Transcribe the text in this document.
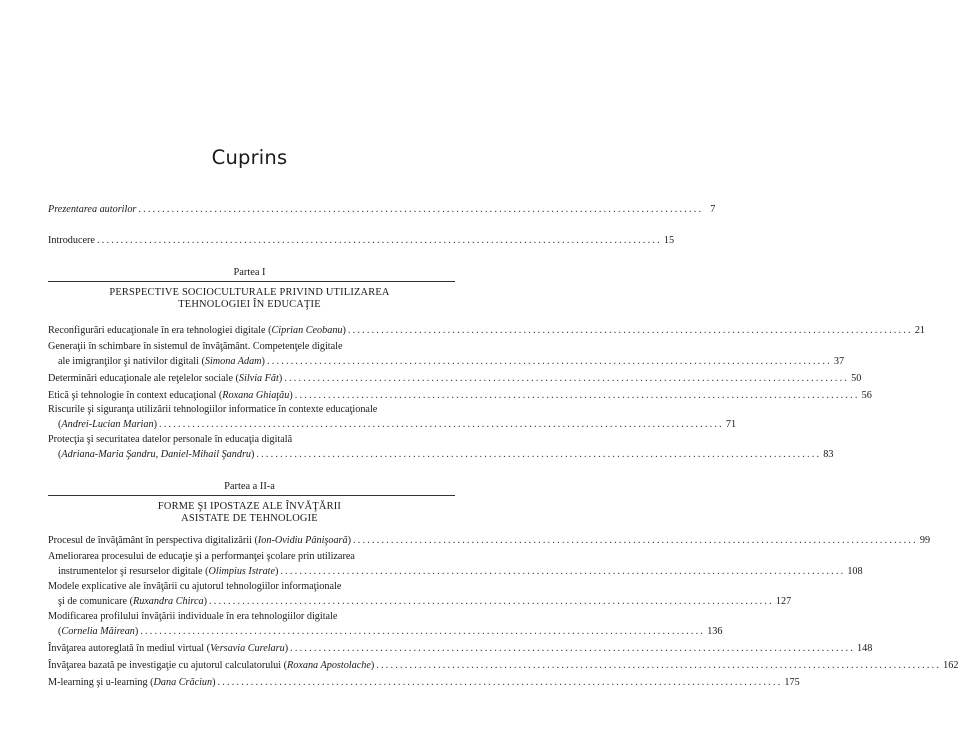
Cuprins
Prezentarea autorilor ....................................................................................................................... 7
Introducere ....................................................................................................................... 15
Partea I
PERSPECTIVE SOCIOCULTURALE PRIVIND UTILIZAREA
TEHNOLOGIEI ÎN EDUCAŢIE
Reconfigurări educaţionale în era tehnologiei digitale (Ciprian Ceobanu) ....................................................................................................................... 21
Generaţii în schimbare în sistemul de învăţământ. Competenţele digitale
ale imigranţilor şi nativilor digitali (Simona Adam) ....................................................................................................................... 37
Determinări educaţionale ale reţelelor sociale (Silvia Făt) ....................................................................................................................... 50
Etică şi tehnologie în context educaţional (Roxana Ghiaţău) ....................................................................................................................... 56
Riscurile şi siguranţa utilizării tehnologiilor informatice în contexte educaţionale
(Andrei-Lucian Marian) ....................................................................................................................... 71
Protecţia şi securitatea datelor personale în educaţia digitală
(Adriana-Maria Şandru, Daniel-Mihail Şandru) ....................................................................................................................... 83
Partea a II-a
FORME ŞI IPOSTAZE ALE ÎNVĂŢĂRII
ASISTATE DE TEHNOLOGIE
Procesul de învăţământ în perspectiva digitalizării (Ion-Ovidiu Pânişoară) ....................................................................................................................... 99
Ameliorarea procesului de educaţie şi a performanţei şcolare prin utilizarea
instrumentelor şi resurselor digitale (Olimpius Istrate) ....................................................................................................................... 108
Modele explicative ale învăţării cu ajutorul tehnologiilor informaţionale
şi de comunicare (Ruxandra Chirca) ....................................................................................................................... 127
Modificarea profilului învăţării individuale în era tehnologiilor digitale
(Cornelia Măirean) ....................................................................................................................... 136
Învăţarea autoreglată în mediul virtual (Versavia Curelaru) ....................................................................................................................... 148
Învăţarea bazată pe investigaţie cu ajutorul calculatorului (Roxana Apostolache) ....................................................................................................................... 162
M-learning şi u-learning (Dana Crăciun) ....................................................................................................................... 175
